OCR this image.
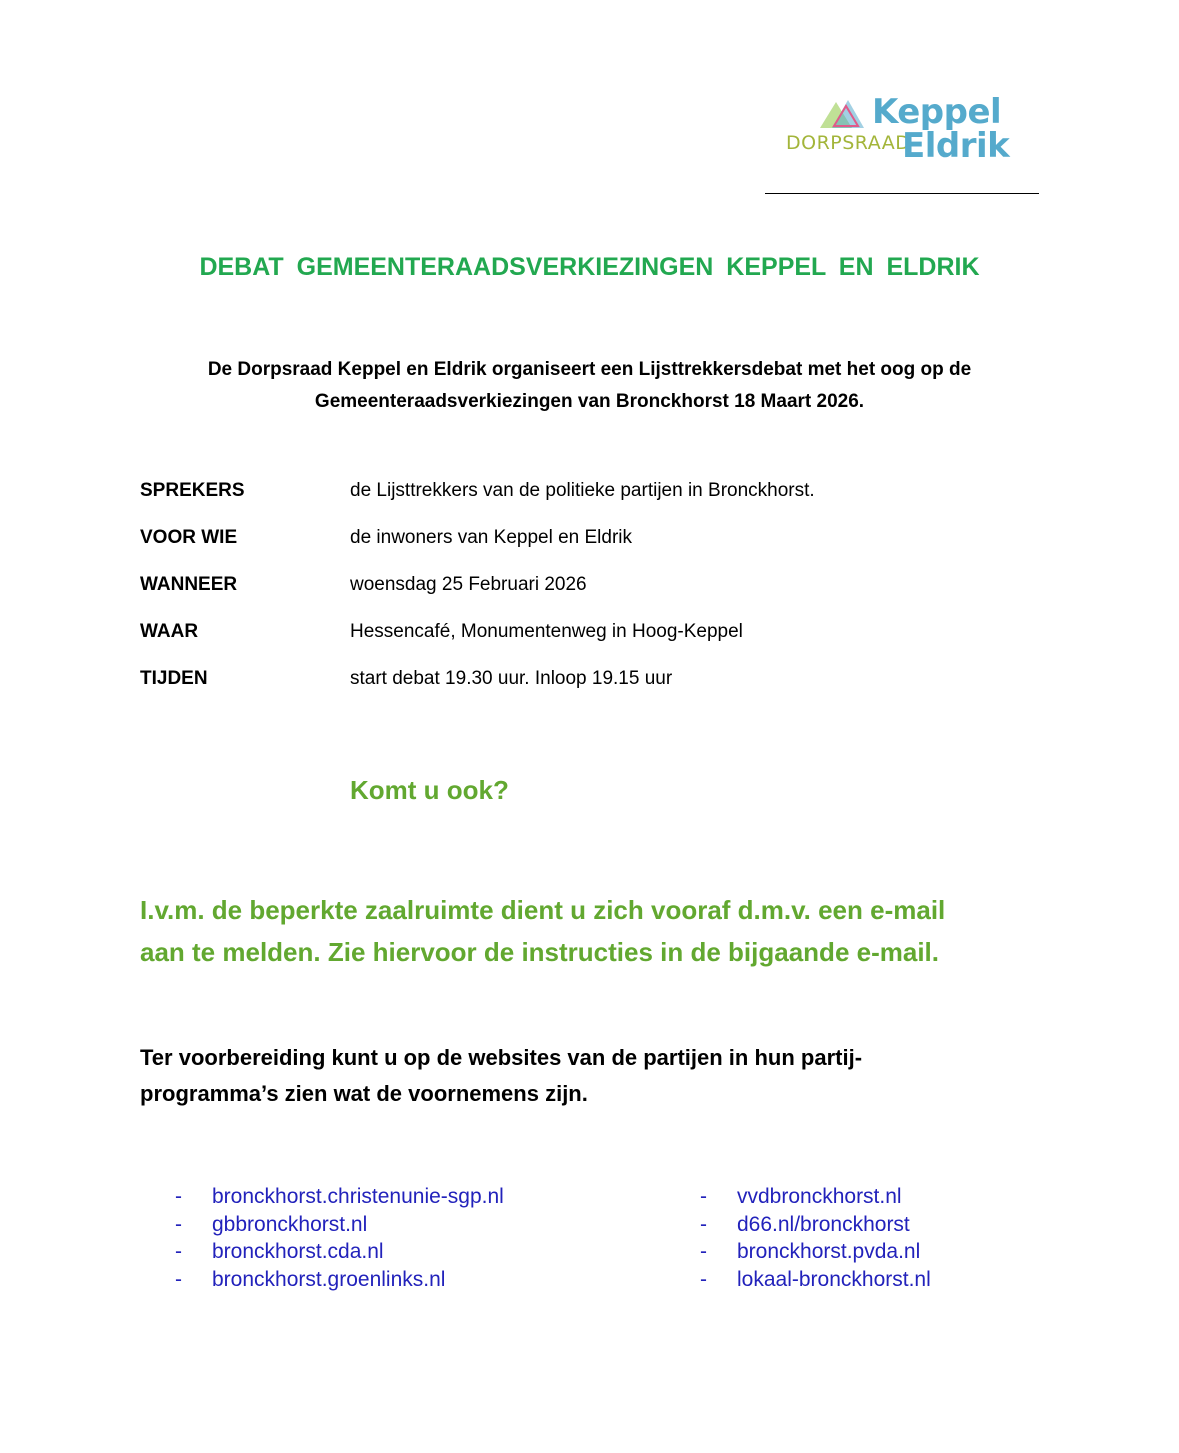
DORPSRAAD
Keppel
Eldrik
DEBAT GEMEENTERAADSVERKIEZINGEN KEPPEL EN ELDRIK

De Dorpsraad Keppel en Eldrik organiseert een Lijsttrekkersdebat met het oog op de
Gemeenteraadsverkiezingen van Bronckhorst 18 Maart 2026.

SPREKERS	de Lijsttrekkers van de politieke partijen in Bronckhorst.
VOOR WIE	de inwoners van Keppel en Eldrik
WANNEER	woensdag 25 Februari 2026
WAAR	Hessencafé, Monumentenweg in Hoog-Keppel
TIJDEN	start debat 19.30 uur. Inloop 19.15 uur

Komt u ook?

I.v.m. de beperkte zaalruimte dient u zich vooraf d.m.v. een e-mail
aan te melden. Zie hiervoor de instructies in de bijgaande e-mail.

Ter voorbereiding kunt u op de websites van de partijen in hun partij-
programma’s zien wat de voornemens zijn.

- bronckhorst.christenunie-sgp.nl
- gbbronckhorst.nl
- bronckhorst.cda.nl
- bronckhorst.groenlinks.nl
- vvdbronckhorst.nl
- d66.nl/bronckhorst
- bronckhorst.pvda.nl
- lokaal-bronckhorst.nl
